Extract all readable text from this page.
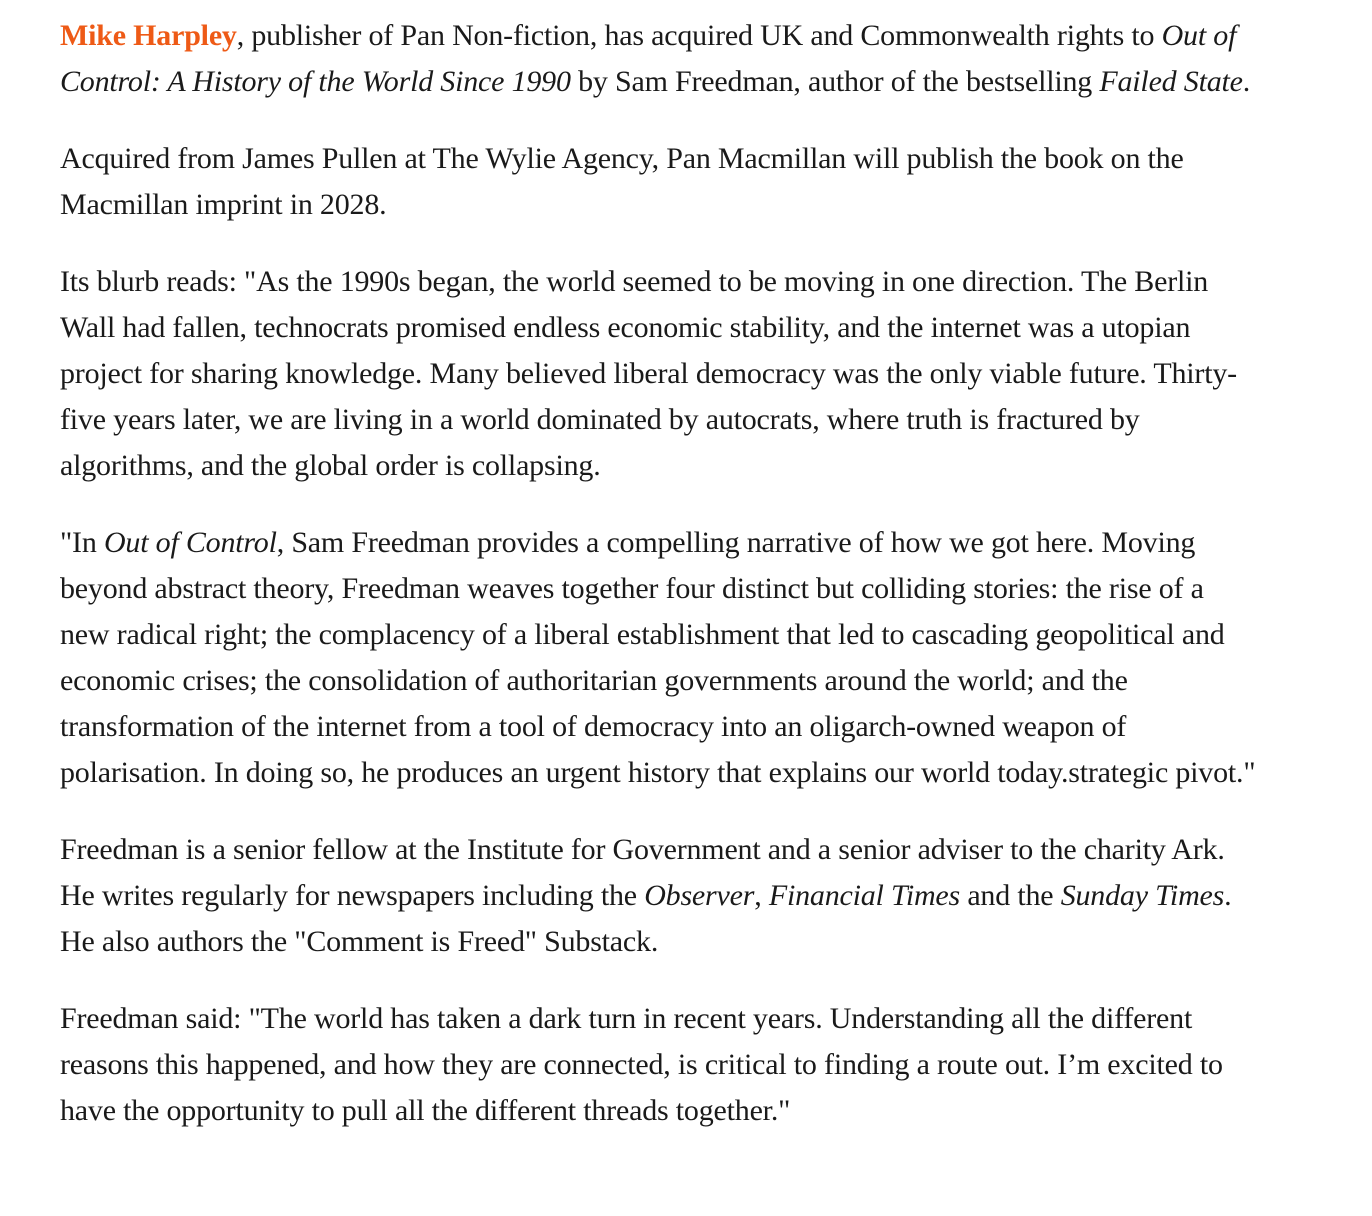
Mike Harpley, publisher of Pan Non-fiction, has acquired UK and Commonwealth rights to Out of Control: A History of the World Since 1990 by Sam Freedman, author of the bestselling Failed State.

Acquired from James Pullen at The Wylie Agency, Pan Macmillan will publish the book on the Macmillan imprint in 2028.

Its blurb reads: "As the 1990s began, the world seemed to be moving in one direction. The Berlin Wall had fallen, technocrats promised endless economic stability, and the internet was a utopian project for sharing knowledge. Many believed liberal democracy was the only viable future. Thirty-five years later, we are living in a world dominated by autocrats, where truth is fractured by algorithms, and the global order is collapsing.

"In Out of Control, Sam Freedman provides a compelling narrative of how we got here. Moving beyond abstract theory, Freedman weaves together four distinct but colliding stories: the rise of a new radical right; the complacency of a liberal establishment that led to cascading geopolitical and economic crises; the consolidation of authoritarian governments around the world; and the transformation of the internet from a tool of democracy into an oligarch-owned weapon of polarisation. In doing so, he produces an urgent history that explains our world today.strategic pivot."

Freedman is a senior fellow at the Institute for Government and a senior adviser to the charity Ark. He writes regularly for newspapers including the Observer, Financial Times and the Sunday Times. He also authors the "Comment is Freed" Substack.

Freedman said: "The world has taken a dark turn in recent years. Understanding all the different reasons this happened, and how they are connected, is critical to finding a route out. I’m excited to have the opportunity to pull all the different threads together."
